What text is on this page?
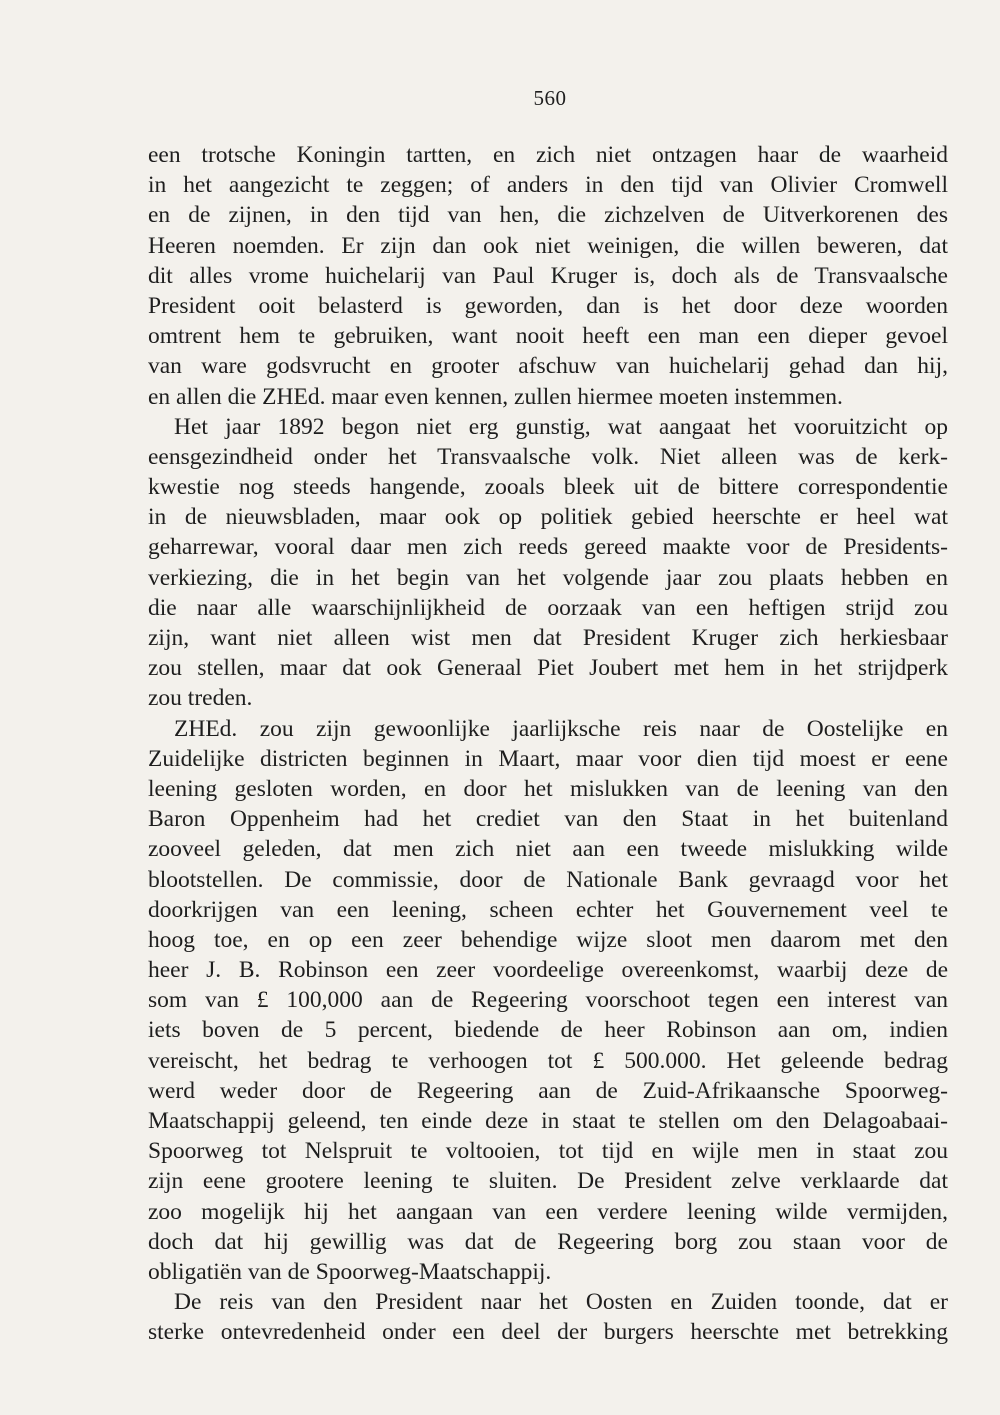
560
een trotsche Koningin tartten, en zich niet ontzagen haar de waarheid
in het aangezicht te zeggen; of anders in den tijd van Olivier Cromwell
en de zijnen, in den tijd van hen, die zichzelven de Uitverkorenen des
Heeren noemden. Er zijn dan ook niet weinigen, die willen beweren, dat
dit alles vrome huichelarij van Paul Kruger is, doch als de Transvaalsche
President ooit belasterd is geworden, dan is het door deze woorden
omtrent hem te gebruiken, want nooit heeft een man een dieper gevoel
van ware godsvrucht en grooter afschuw van huichelarij gehad dan hij,
en allen die ZHEd. maar even kennen, zullen hiermee moeten instemmen.
Het jaar 1892 begon niet erg gunstig, wat aangaat het vooruitzicht op
eensgezindheid onder het Transvaalsche volk. Niet alleen was de kerk-
kwestie nog steeds hangende, zooals bleek uit de bittere correspondentie
in de nieuwsbladen, maar ook op politiek gebied heerschte er heel wat
geharrewar, vooral daar men zich reeds gereed maakte voor de Presidents-
verkiezing, die in het begin van het volgende jaar zou plaats hebben en
die naar alle waarschijnlijkheid de oorzaak van een heftigen strijd zou
zijn, want niet alleen wist men dat President Kruger zich herkiesbaar
zou stellen, maar dat ook Generaal Piet Joubert met hem in het strijdperk
zou treden.
ZHEd. zou zijn gewoonlijke jaarlijksche reis naar de Oostelijke en
Zuidelijke districten beginnen in Maart, maar voor dien tijd moest er eene
leening gesloten worden, en door het mislukken van de leening van den
Baron Oppenheim had het crediet van den Staat in het buitenland
zooveel geleden, dat men zich niet aan een tweede mislukking wilde
blootstellen. De commissie, door de Nationale Bank gevraagd voor het
doorkrijgen van een leening, scheen echter het Gouvernement veel te
hoog toe, en op een zeer behendige wijze sloot men daarom met den
heer J. B. Robinson een zeer voordeelige overeenkomst, waarbij deze de
som van £ 100,000 aan de Regeering voorschoot tegen een interest van
iets boven de 5 percent, biedende de heer Robinson aan om, indien
vereischt, het bedrag te verhoogen tot £ 500.000. Het geleende bedrag
werd weder door de Regeering aan de Zuid-Afrikaansche Spoorweg-
Maatschappij geleend, ten einde deze in staat te stellen om den Delagoabaai-
Spoorweg tot Nelspruit te voltooien, tot tijd en wijle men in staat zou
zijn eene grootere leening te sluiten. De President zelve verklaarde dat
zoo mogelijk hij het aangaan van een verdere leening wilde vermijden,
doch dat hij gewillig was dat de Regeering borg zou staan voor de
obligatiën van de Spoorweg-Maatschappij.
De reis van den President naar het Oosten en Zuiden toonde, dat er
sterke ontevredenheid onder een deel der burgers heerschte met betrekking
